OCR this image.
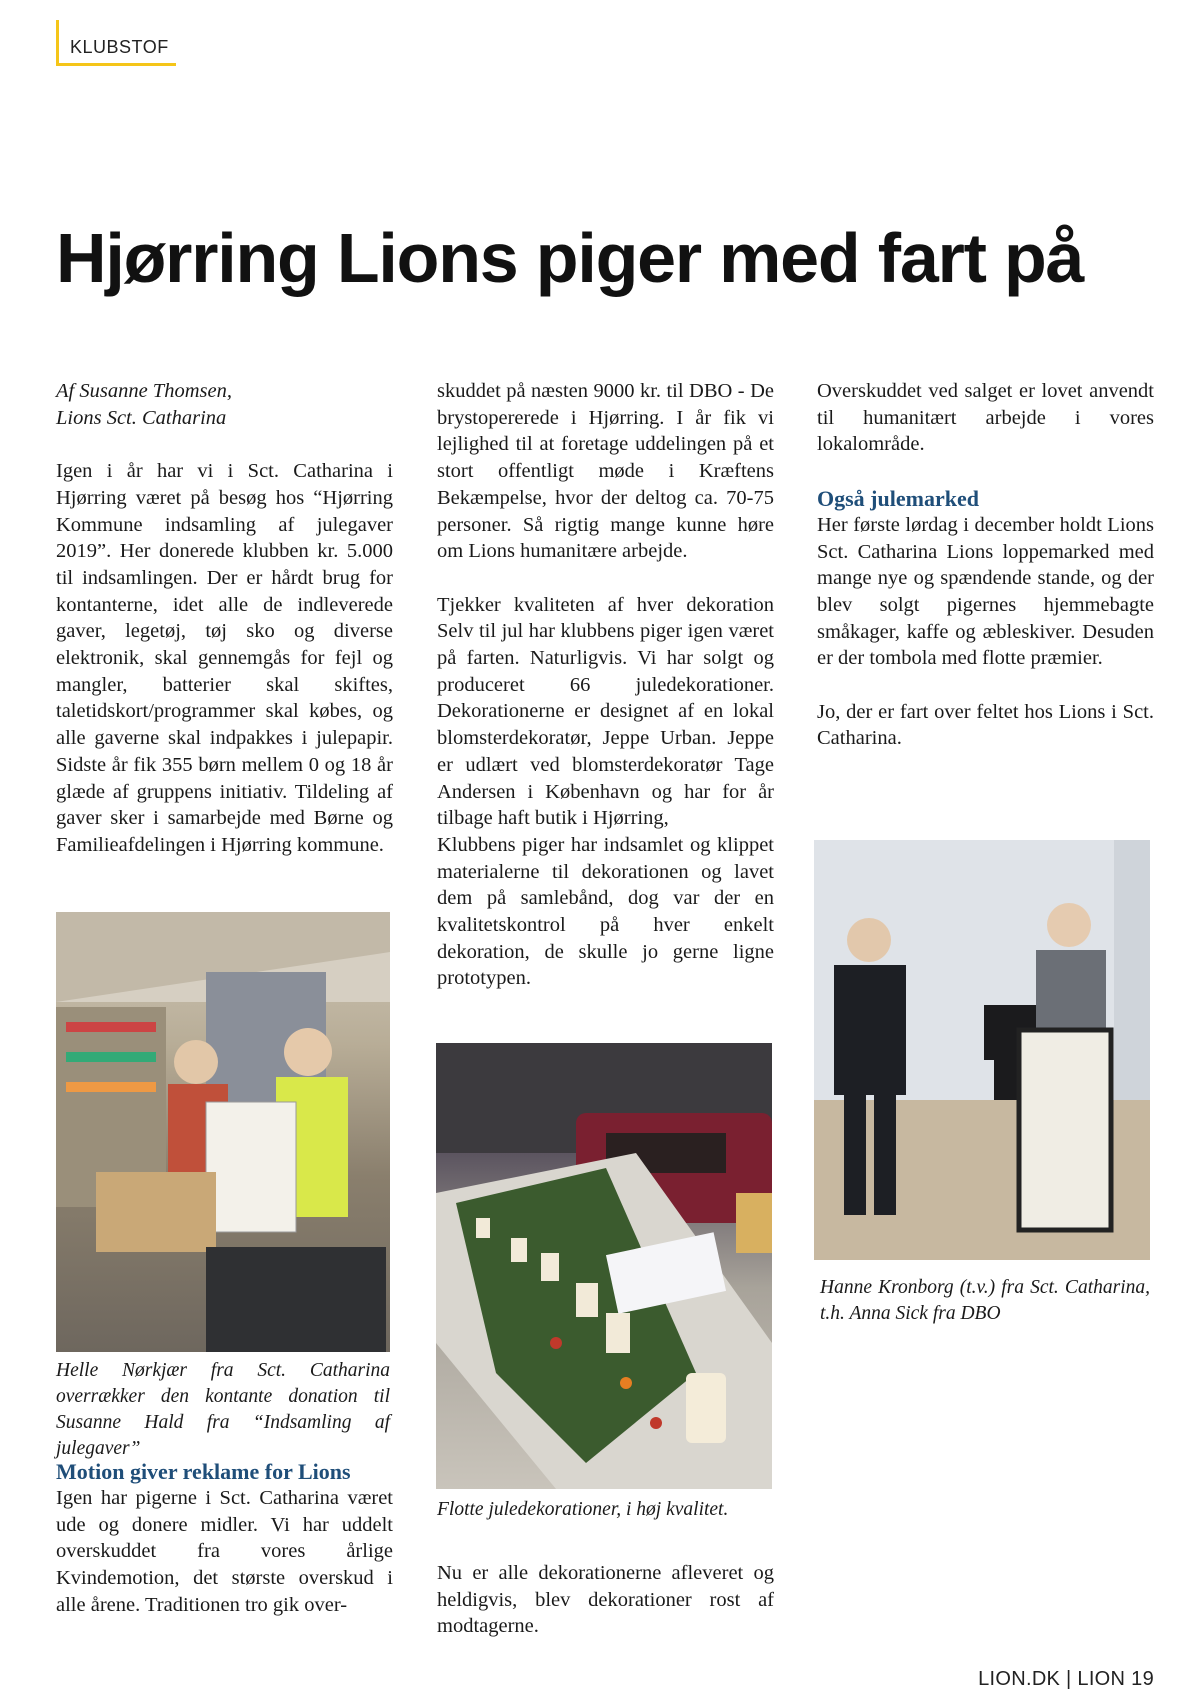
KLUBSTOF
Hjørring Lions piger med fart på

Af Susanne Thomsen,

Lions Sct. Catharina

Igen i år har vi i Sct. Catharina i Hjørring været på besøg hos “Hjørring Kommune indsamling af julegaver 2019”. Her donerede klubben kr. 5.000 til indsamlingen. Der er hårdt brug for kontanterne, idet alle de indleverede gaver, legetøj, tøj sko og diverse elektronik, skal gennemgås for fejl og mangler, batterier skal skiftes, taletidskort/programmer skal købes, og alle gaverne skal indpakkes i julepapir. Sidste år fik 355 børn mellem 0 og 18 år glæde af gruppens initiativ. Tildeling af gaver sker i samarbejde med Børne og Familieafdelingen i Hjørring kommune.

Helle Nørkjær fra Sct. Catharina overrækker den kontante donation til Susanne Hald fra “Indsamling af julegaver”

Motion giver reklame for Lions

Igen har pigerne i Sct. Catharina været ude og donere midler. Vi har uddelt overskuddet fra vores årlige Kvindemotion, det største overskud i alle årene. Traditionen tro gik over-

skuddet på næsten 9000 kr. til DBO - De brystopererede i Hjørring. I år fik vi lejlighed til at foretage uddelingen på et stort offentligt møde i Kræftens Bekæmpelse, hvor der deltog ca. 70-75 personer. Så rigtig mange kunne høre om Lions humanitære arbejde.

Tjekker kvaliteten af hver dekoration Selv til jul har klubbens piger igen været på farten. Naturligvis. Vi har solgt og produceret 66 juledekorationer. Dekorationerne er designet af en lokal blomsterdekoratør, Jeppe Urban. Jeppe er udlært ved blomsterdekoratør Tage Andersen i København og har for år tilbage haft butik i Hjørring,

Klubbens piger har indsamlet og klippet materialerne til dekorationen og lavet dem på samlebånd, dog var der en kvalitetskontrol på hver enkelt dekoration, de skulle jo gerne ligne prototypen.

Flotte juledekorationer, i høj kvalitet.

Nu er alle dekorationerne afleveret og heldigvis, blev dekorationer rost af modtagerne.

Overskuddet ved salget er lovet anvendt til humanitært arbejde i vores lokalområde.

Også julemarked

Her første lørdag i december holdt Lions Sct. Catharina Lions loppemarked med mange nye og spændende stande, og der blev solgt pigernes hjemmebagte småkager, kaffe og æbleskiver. Desuden er der tombola med flotte præmier.

Jo, der er fart over feltet hos Lions i Sct. Catharina.

Hanne Kronborg (t.v.) fra Sct. Catharina, t.h. Anna Sick fra DBO

LION.DK | LION 19
